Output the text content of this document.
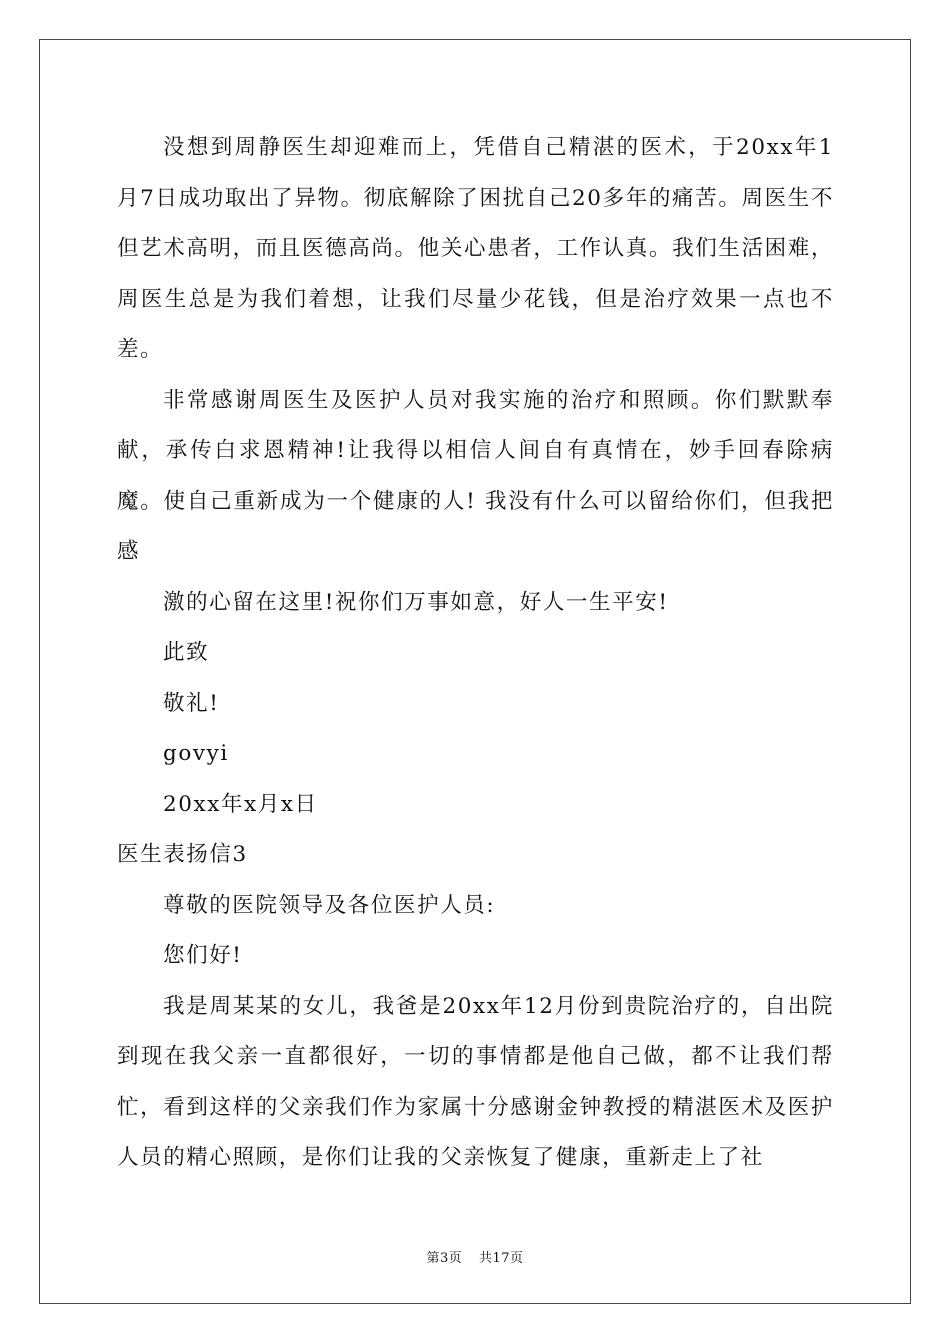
没想到周静医生却迎难而上，凭借自己精湛的医术，于20xx年1月7日成功取出了异物。彻底解除了困扰自己20多年的痛苦。周医生不但艺术高明，而且医德高尚。他关心患者，工作认真。我们生活困难，周医生总是为我们着想，让我们尽量少花钱，但是治疗效果一点也不差。

非常感谢周医生及医护人员对我实施的治疗和照顾。你们默默奉献，承传白求恩精神!让我得以相信人间自有真情在，妙手回春除病魔。使自己重新成为一个健康的人! 我没有什么可以留给你们，但我把感

激的心留在这里!祝你们万事如意，好人一生平安!

此致

敬礼!

govyi

20xx年x月x日

医生表扬信3

尊敬的医院领导及各位医护人员:

您们好!

我是周某某的女儿，我爸是20xx年12月份到贵院治疗的，自出院到现在我父亲一直都很好，一切的事情都是他自己做，都不让我们帮忙，看到这样的父亲我们作为家属十分感谢金钟教授的精湛医术及医护人员的精心照顾，是你们让我的父亲恢复了健康，重新走上了社

第3页 共17页
